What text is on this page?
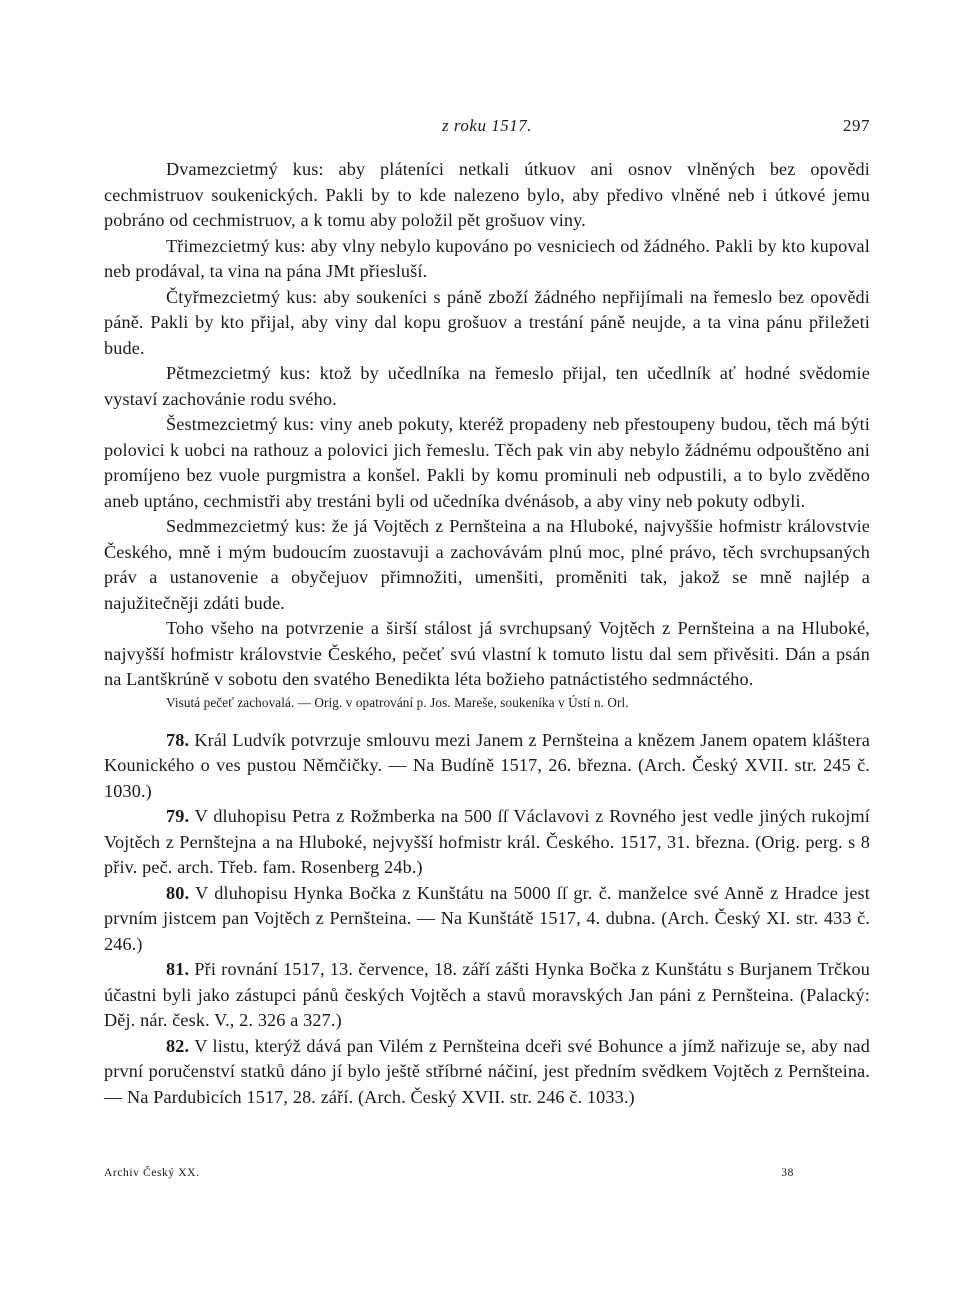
z roku 1517.	297

Dvamezcietmý kus: aby pláteníci netkali útkuov ani osnov vlněných bez opovědi cechmistruov soukenických. Pakli by to kde nalezeno bylo, aby předivo vlněné neb i útkové jemu pobráno od cechmistruov, a k tomu aby položil pět grošuov viny.

Třimezcietmý kus: aby vlny nebylo kupováno po vesniciech od žádného. Pakli by kto kupoval neb prodával, ta vina na pána JMt přiesluší.

Čtyřmezcietmý kus: aby soukeníci s páně zboží žádného nepřijímali na řemeslo bez opovědi páně. Pakli by kto přijal, aby viny dal kopu grošuov a trestání páně neujde, a ta vina pánu přiležeti bude.

Pětmezcietmý kus: ktož by učedlníka na řemeslo přijal, ten učedlník ať hodné svědomie vystaví zachovánie rodu svého.

Šestmezcietmý kus: viny aneb pokuty, kteréž propadeny neb přestoupeny budou, těch má býti polovici k uobci na rathouz a polovici jich řemeslu. Těch pak vin aby nebylo žádnému odpouštěno ani promíjeno bez vuole purgmistra a konšel. Pakli by komu prominuli neb odpustili, a to bylo zvěděno aneb uptáno, cechmistři aby trestáni byli od učedníka dvénásob, a aby viny neb pokuty odbyli.

Sedmmezcietmý kus: že já Vojtěch z Pernšteina a na Hluboké, najvyššie hofmistr královstvie Českého, mně i mým budoucím zuostavuji a zachovávám plnú moc, plné právo, těch svrchupsaných práv a ustanovenie a obyčejuov přimnožiti, umenšiti, proměniti tak, jakož se mně najlép a najužitečněji zdáti bude.

Toho všeho na potvrzenie a širší stálost já svrchupsaný Vojtěch z Pernšteina a na Hluboké, najvyšší hofmistr královstvie Českého, pečeť svú vlastní k tomuto listu dal sem přivěsiti. Dán a psán na Lantškrúně v sobotu den svatého Benedikta léta božieho patnáctistého sedmnáctého.

Visutá pečeť zachovalá. — Orig. v opatrování p. Jos. Mareše, soukeníka v Ústí n. Orl.

78. Král Ludvík potvrzuje smlouvu mezi Janem z Pernšteina a knězem Janem opatem kláštera Kounického o ves pustou Němčičky. — Na Budíně 1517, 26. března. (Arch. Český XVII. str. 245 č. 1030.)

79. V dluhopisu Petra z Rožmberka na 500 ſſ Václavovi z Rovného jest vedle jiných rukojmí Vojtěch z Pernštejna a na Hluboké, nejvyšší hofmistr král. Českého. 1517, 31. března. (Orig. perg. s 8 přiv. peč. arch. Třeb. fam. Rosenberg 24b.)

80. V dluhopisu Hynka Bočka z Kunštátu na 5000 ſſ gr. č. manželce své Anně z Hradce jest prvním jistcem pan Vojtěch z Pernšteina. — Na Kunštátě 1517, 4. dubna. (Arch. Český XI. str. 433 č. 246.)

81. Při rovnání 1517, 13. července, 18. září zášti Hynka Bočka z Kunštátu s Burjanem Trčkou účastni byli jako zástupci pánů českých Vojtěch a stavů moravských Jan páni z Pernšteina. (Palacký: Děj. nár. česk. V., 2. 326 a 327.)

82. V listu, kterýž dává pan Vilém z Pernšteina dceři své Bohunce a jímž nařizuje se, aby nad první poručenství statků dáno jí bylo ještě stříbrné náčiní, jest předním svědkem Vojtěch z Pernšteina. — Na Pardubicích 1517, 28. září. (Arch. Český XVII. str. 246 č. 1033.)

Archiv Český XX.	38
